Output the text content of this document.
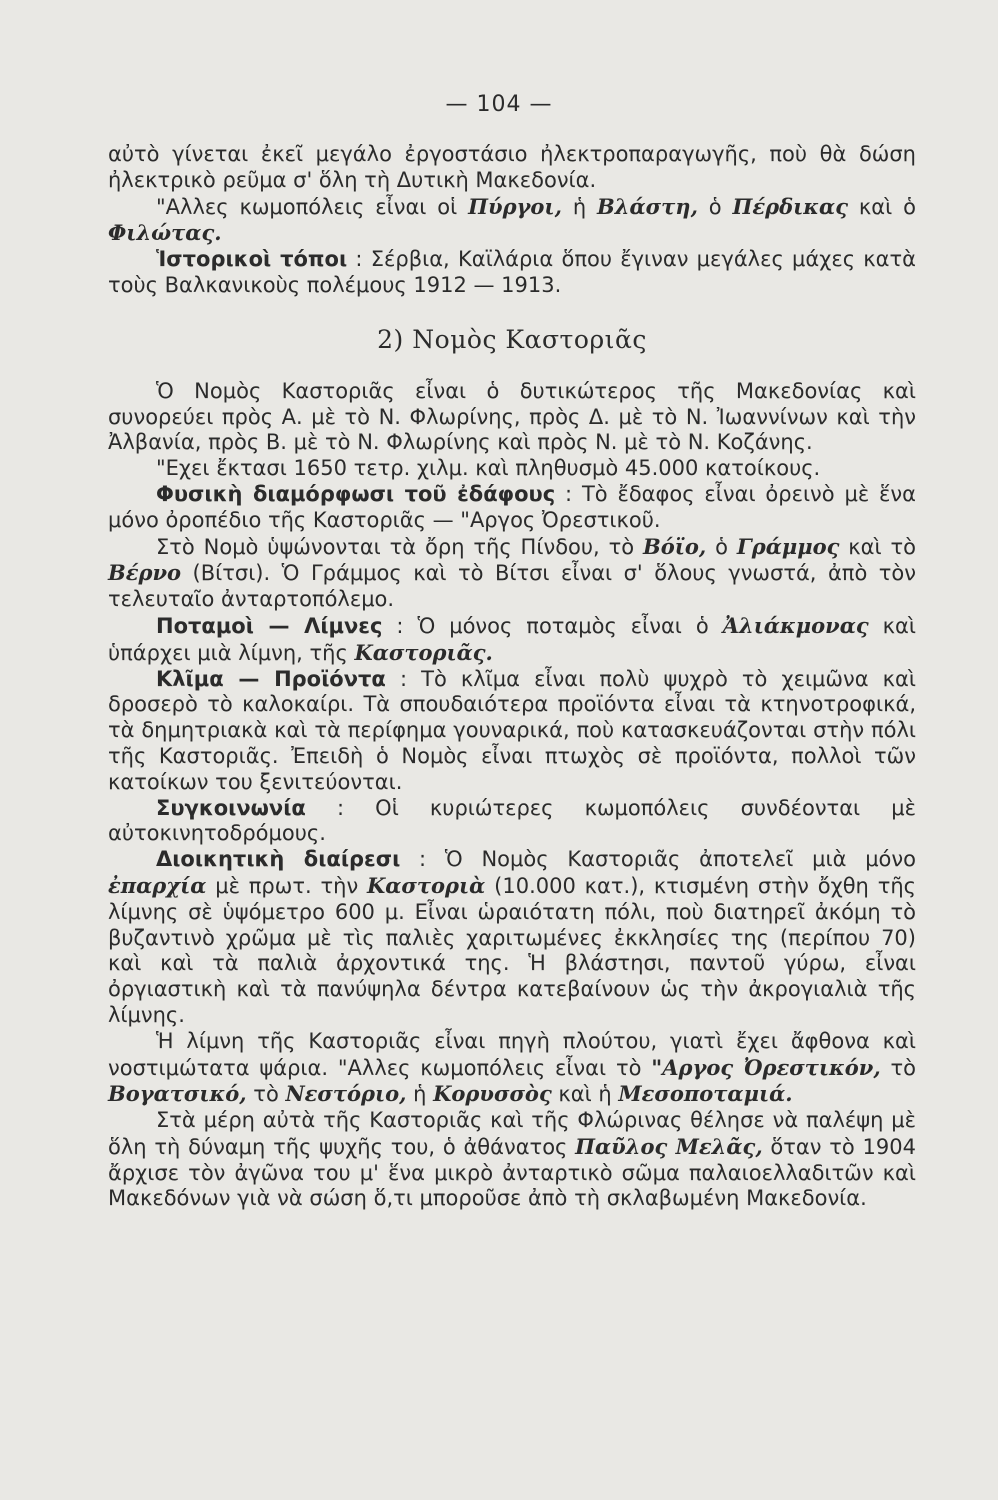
— 104 —

αὐτὸ γίνεται ἐκεῖ μεγάλο ἐργοστάσιο ἠλεκτροπαραγωγῆς, ποὺ θὰ δώση ἠλεκτρικὸ ρεῦμα σ' ὅλη τὴ Δυτικὴ Μακεδονία.

"Αλλες κωμοπόλεις εἶναι οἱ Πύργοι, ἡ Βλάστη, ὁ Πέρδικας καὶ ὁ Φιλώτας.

Ἱστορικοὶ τόποι : Σέρβια, Καϊλάρια ὅπου ἔγιναν μεγάλες μάχες κατὰ τοὺς Βαλκανικοὺς πολέμους 1912 — 1913.

2) Νομὸς Καστοριᾶς

Ὁ Νομὸς Καστοριᾶς εἶναι ὁ δυτικώτερος τῆς Μακεδονίας καὶ συνορεύει πρὸς Α. μὲ τὸ Ν. Φλωρίνης, πρὸς Δ. μὲ τὸ Ν. Ἰωαννίνων καὶ τὴν Ἀλβανία, πρὸς Β. μὲ τὸ Ν. Φλωρίνης καὶ πρὸς Ν. μὲ τὸ Ν. Κοζάνης.

"Εχει ἔκτασι 1650 τετρ. χιλμ. καὶ πληθυσμὸ 45.000 κατοίκους.

Φυσικὴ διαμόρφωσι τοῦ ἐδάφους : Τὸ ἔδαφος εἶναι ὀρεινὸ μὲ ἕνα μόνο ὀροπέδιο τῆς Καστοριᾶς — "Αργος Ὀρεστικοῦ.

Στὸ Νομὸ ὑψώνονται τὰ ὄρη τῆς Πίνδου, τὸ Βόϊο, ὁ Γράμμος καὶ τὸ Βέρνο (Βίτσι). Ὁ Γράμμος καὶ τὸ Βίτσι εἶναι σ' ὅλους γνωστά, ἀπὸ τὸν τελευταῖο ἀνταρτοπόλεμο.

Ποταμοὶ — Λίμνες : Ὁ μόνος ποταμὸς εἶναι ὁ Ἀλιάκμονας καὶ ὑπάρχει μιὰ λίμνη, τῆς Καστοριᾶς.

Κλῖμα — Προϊόντα : Τὸ κλῖμα εἶναι πολὺ ψυχρὸ τὸ χειμῶνα καὶ δροσερὸ τὸ καλοκαίρι. Τὰ σπουδαιότερα προϊόντα εἶναι τὰ κτηνοτροφικά, τὰ δημητριακὰ καὶ τὰ περίφημα γουναρικά, ποὺ κατασκευάζονται στὴν πόλι τῆς Καστοριᾶς. Ἐπειδὴ ὁ Νομὸς εἶναι πτωχὸς σὲ προϊόντα, πολλοὶ τῶν κατοίκων του ξενιτεύονται.

Συγκοινωνία : Οἱ κυριώτερες κωμοπόλεις συνδέονται μὲ αὐτοκινητοδρόμους.

Διοικητικὴ διαίρεσι : Ὁ Νομὸς Καστοριᾶς ἀποτελεῖ μιὰ μόνο ἐπαρχία μὲ πρωτ. τὴν Καστοριὰ (10.000 κατ.), κτισμένη στὴν ὄχθη τῆς λίμνης σὲ ὑψόμετρο 600 μ. Εἶναι ὡραιότατη πόλι, ποὺ διατηρεῖ ἀκόμη τὸ βυζαντινὸ χρῶμα μὲ τὶς παλιὲς χαριτωμένες ἐκκλησίες της (περίπου 70) καὶ καὶ τὰ παλιὰ ἀρχοντικά της. Ἡ βλάστησι, παντοῦ γύρω, εἶναι ὀργιαστικὴ καὶ τὰ πανύψηλα δέντρα κατεβαίνουν ὡς τὴν ἀκρογιαλιὰ τῆς λίμνης.

Ἡ λίμνη τῆς Καστοριᾶς εἶναι πηγὴ πλούτου, γιατὶ ἔχει ἄφθονα καὶ νοστιμώτατα ψάρια. "Αλλες κωμοπόλεις εἶναι τὸ "Αργος Ὀρεστικόν, τὸ Βογατσικό, τὸ Νεστόριο, ἡ Κορυσσὸς καὶ ἡ Μεσοποταμιά.

Στὰ μέρη αὐτὰ τῆς Καστοριᾶς καὶ τῆς Φλώρινας θέλησε νὰ παλέψη μὲ ὅλη τὴ δύναμη τῆς ψυχῆς του, ὁ ἀθάνατος Παῦλος Μελᾶς, ὅταν τὸ 1904 ἄρχισε τὸν ἀγῶνα του μ' ἕνα μικρὸ ἀνταρτικὸ σῶμα παλαιοελλαδιτῶν καὶ Μακεδόνων γιὰ νὰ σώση ὅ,τι μποροῦσε ἀπὸ τὴ σκλαβωμένη Μακεδονία.
